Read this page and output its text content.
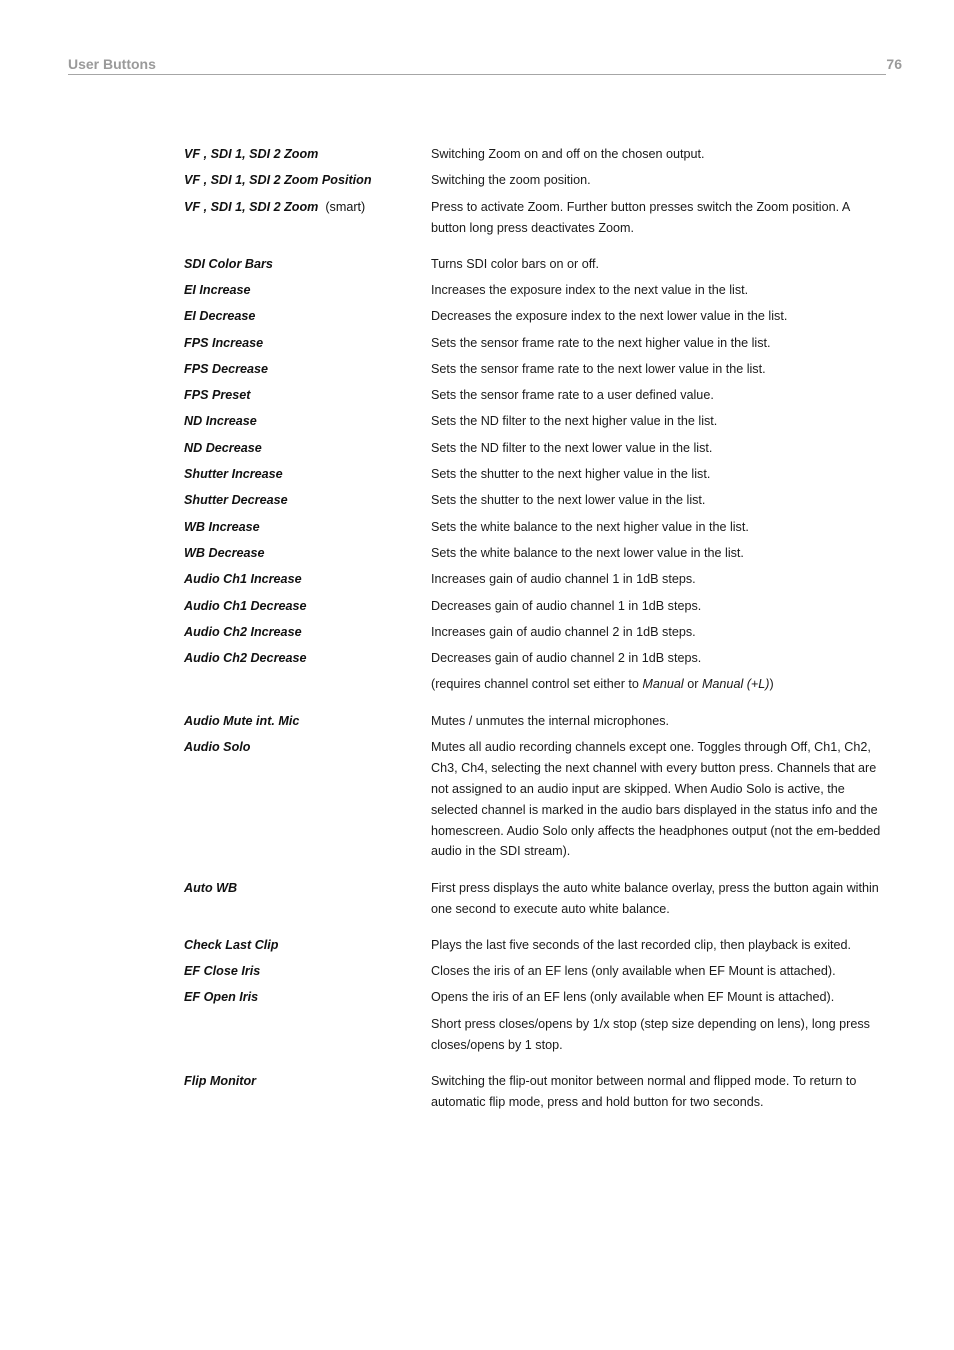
User Buttons	76
VF , SDI 1, SDI 2 Zoom	Switching Zoom on and off on the chosen output.
VF , SDI 1, SDI 2 Zoom Position	Switching the zoom position.
VF , SDI 1, SDI 2 Zoom (smart)	Press to activate Zoom. Further button presses switch the Zoom position. A button long press deactivates Zoom.
SDI Color Bars	Turns SDI color bars on or off.
EI Increase	Increases the exposure index to the next value in the list.
EI Decrease	Decreases the exposure index to the next lower value in the list.
FPS Increase	Sets the sensor frame rate to the next higher value in the list.
FPS Decrease	Sets the sensor frame rate to the next lower value in the list.
FPS Preset	Sets the sensor frame rate to a user defined value.
ND Increase	Sets the ND filter to the next higher value in the list.
ND Decrease	Sets the ND filter to the next lower value in the list.
Shutter Increase	Sets the shutter to the next higher value in the list.
Shutter Decrease	Sets the shutter to the next lower value in the list.
WB Increase	Sets the white balance to the next higher value in the list.
WB Decrease	Sets the white balance to the next lower value in the list.
Audio Ch1 Increase	Increases gain of audio channel 1 in 1dB steps.
Audio Ch1 Decrease	Decreases gain of audio channel 1 in 1dB steps.
Audio Ch2 Increase	Increases gain of audio channel 2 in 1dB steps.
Audio Ch2 Decrease	Decreases gain of audio channel 2 in 1dB steps.
(requires channel control set either to Manual or Manual (+L))
Audio Mute int. Mic	Mutes / unmutes the internal microphones.
Audio Solo	Mutes all audio recording channels except one. Toggles through Off, Ch1, Ch2, Ch3, Ch4, selecting the next channel with every button press. Channels that are not assigned to an audio input are skipped. When Audio Solo is active, the selected channel is marked in the audio bars displayed in the status info and the homescreen. Audio Solo only affects the headphones output (not the em-bedded audio in the SDI stream).
Auto WB	First press displays the auto white balance overlay, press the button again within one second to execute auto white balance.
Check Last Clip	Plays the last five seconds of the last recorded clip, then playback is exited.
EF Close Iris	Closes the iris of an EF lens (only available when EF Mount is attached).
EF Open Iris	Opens the iris of an EF lens (only available when EF Mount is attached).
Short press closes/opens by 1/x stop (step size depending on lens), long press closes/opens by 1 stop.
Flip Monitor	Switching the flip-out monitor between normal and flipped mode. To return to automatic flip mode, press and hold button for two seconds.
